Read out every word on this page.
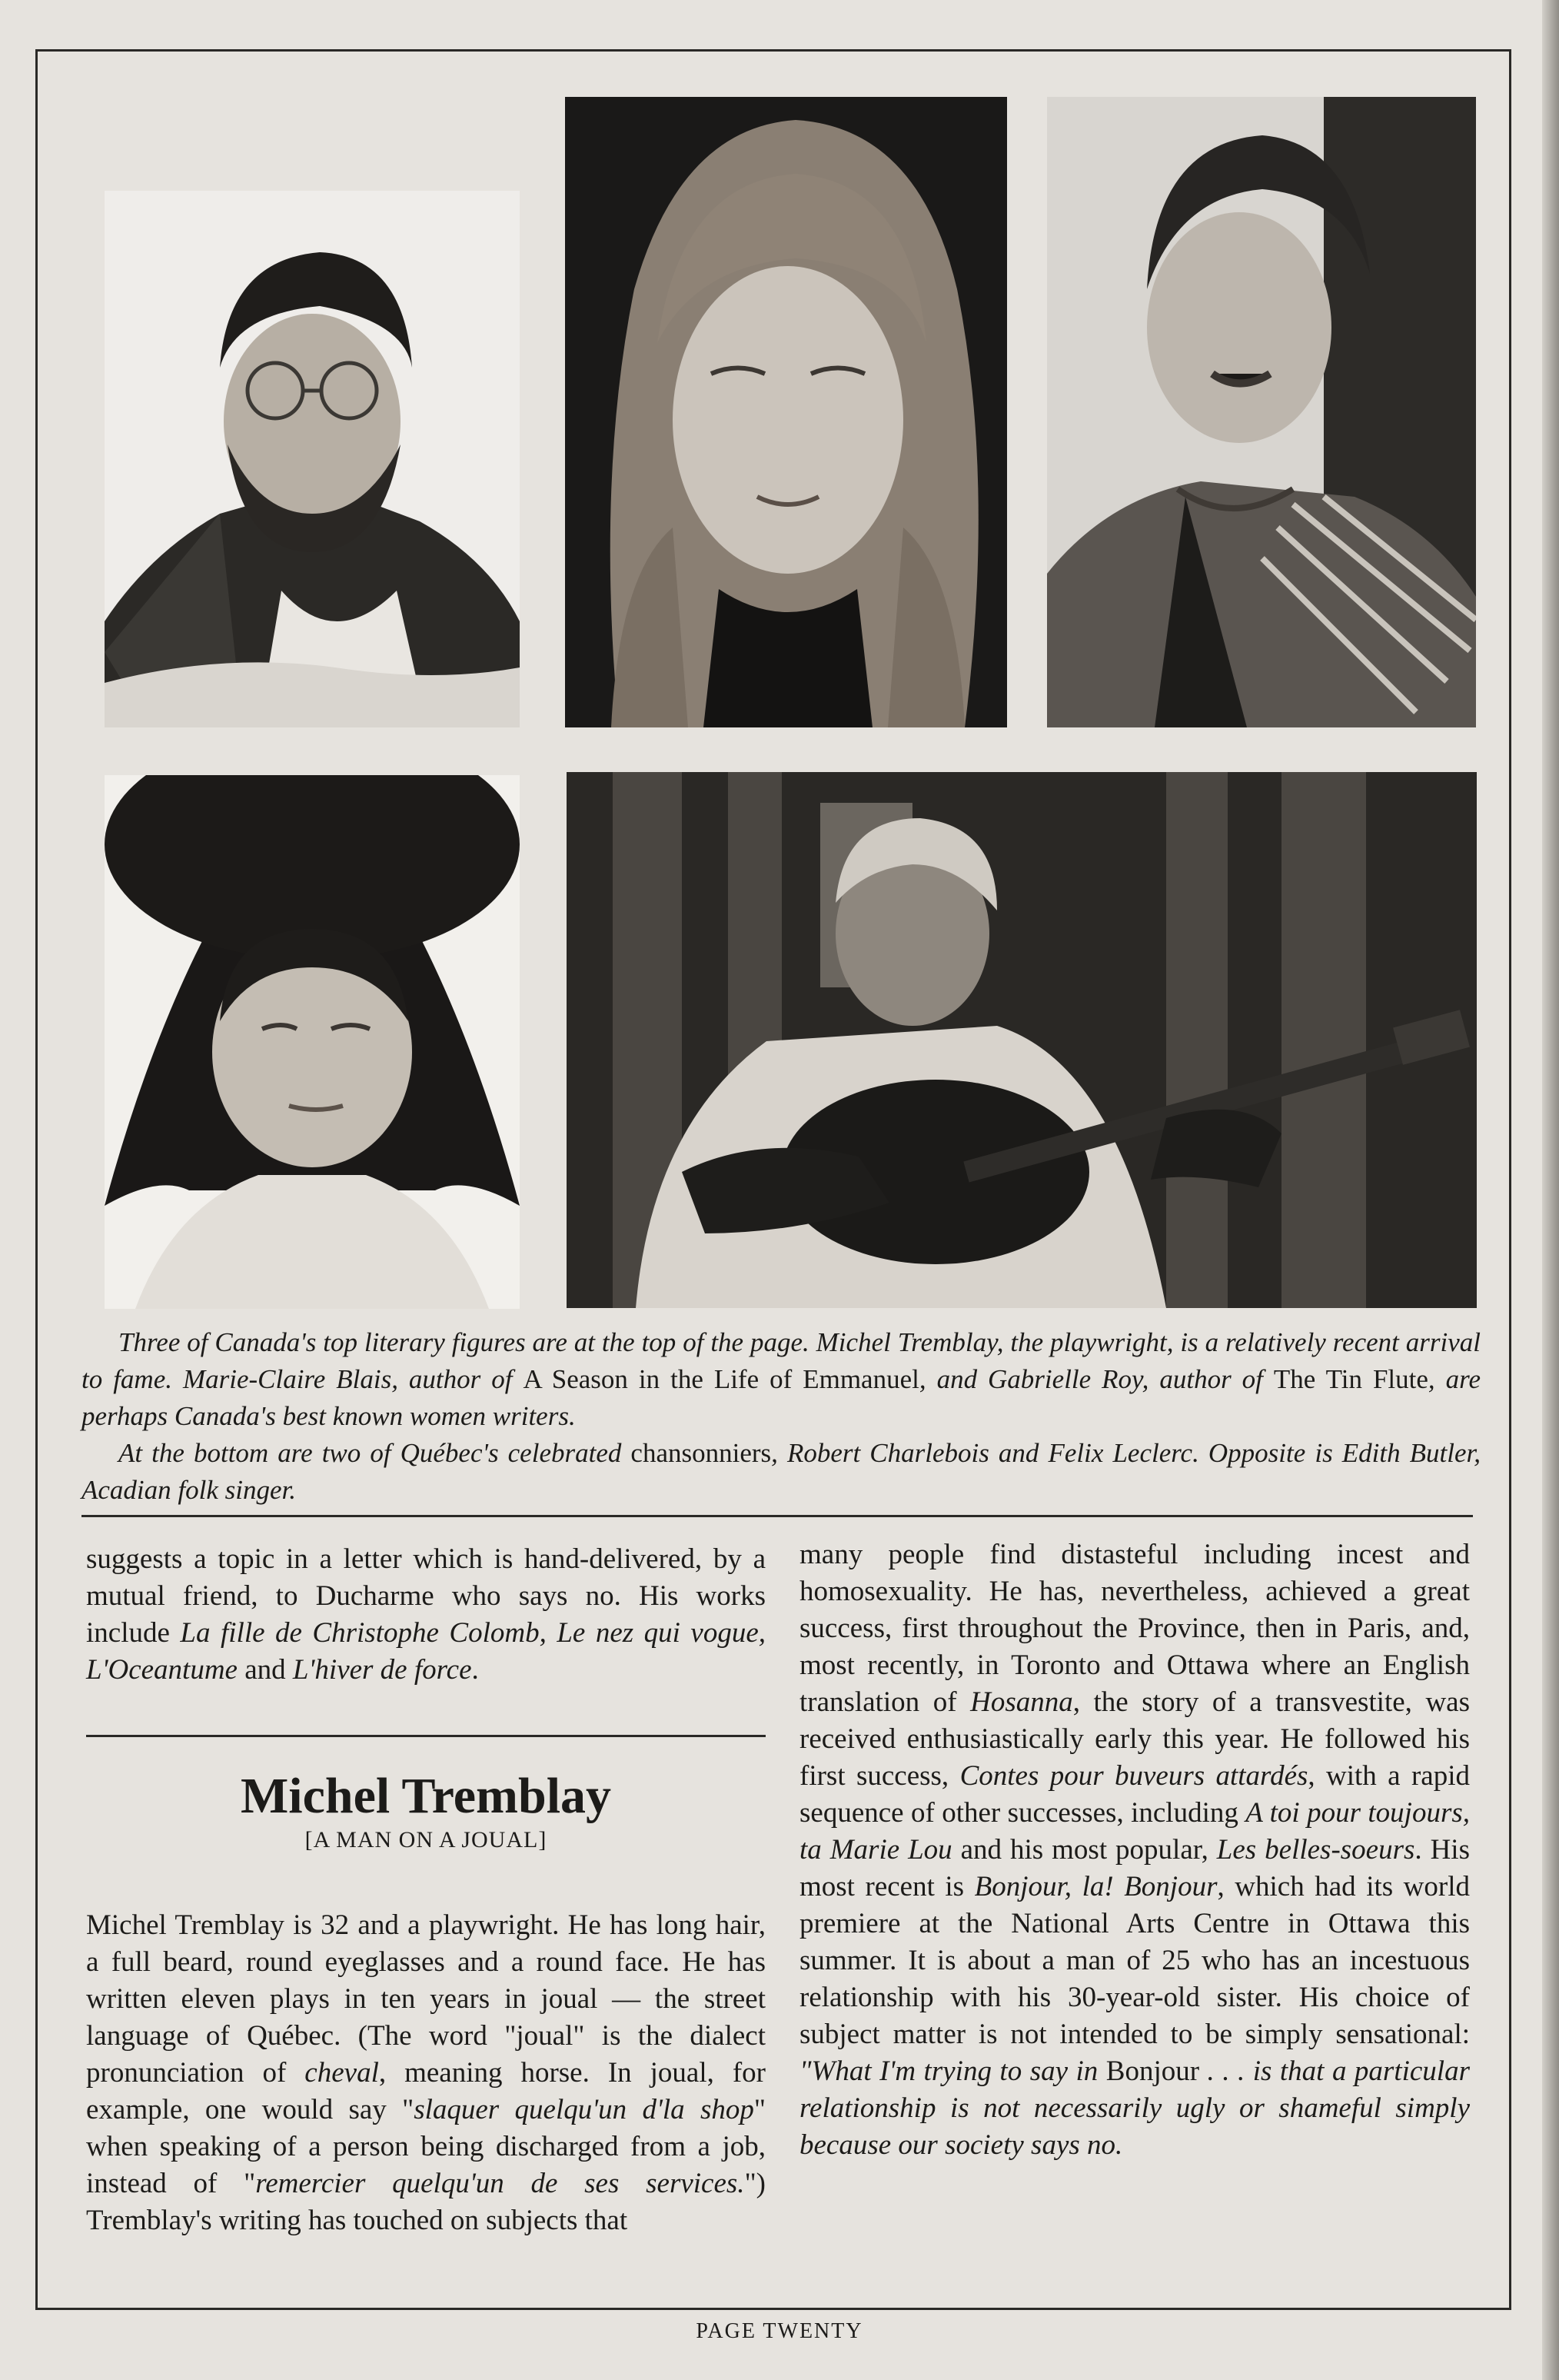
Three of Canada's top literary figures are at the top of the page. Michel Tremblay, the playwright, is a relatively recent arrival to fame. Marie-Claire Blais, author of A Season in the Life of Emmanuel, and Gabrielle Roy, author of The Tin Flute, are perhaps Canada's best known women writers.

At the bottom are two of Québec's celebrated chansonniers, Robert Charlebois and Felix Leclerc. Opposite is Edith Butler, Acadian folk singer.

suggests a topic in a letter which is hand-delivered, by a mutual friend, to Ducharme who says no. His works include La fille de Christophe Colomb, Le nez qui vogue, L'Oceantume and L'hiver de force.

Michel Tremblay
[A MAN ON A JOUAL]

Michel Tremblay is 32 and a playwright. He has long hair, a full beard, round eyeglasses and a round face. He has written eleven plays in ten years in joual — the street language of Québec. (The word "joual" is the dialect pronunciation of cheval, meaning horse. In joual, for example, one would say "slaquer quelqu'un d'la shop" when speaking of a person being discharged from a job, instead of "remercier quelqu'un de ses services.") Tremblay's writing has touched on subjects that

many people find distasteful including incest and homosexuality. He has, nevertheless, achieved a great success, first throughout the Province, then in Paris, and, most recently, in Toronto and Ottawa where an English translation of Hosanna, the story of a transvestite, was received enthusiastically early this year. He followed his first success, Contes pour buveurs attardés, with a rapid sequence of other successes, including A toi pour toujours, ta Marie Lou and his most popular, Les belles-soeurs. His most recent is Bonjour, la! Bonjour, which had its world premiere at the National Arts Centre in Ottawa this summer. It is about a man of 25 who has an incestuous relationship with his 30-year-old sister. His choice of subject matter is not intended to be simply sensational: "What I'm trying to say in Bonjour . . . is that a particular relationship is not necessarily ugly or shameful simply because our society says no.

PAGE TWENTY
